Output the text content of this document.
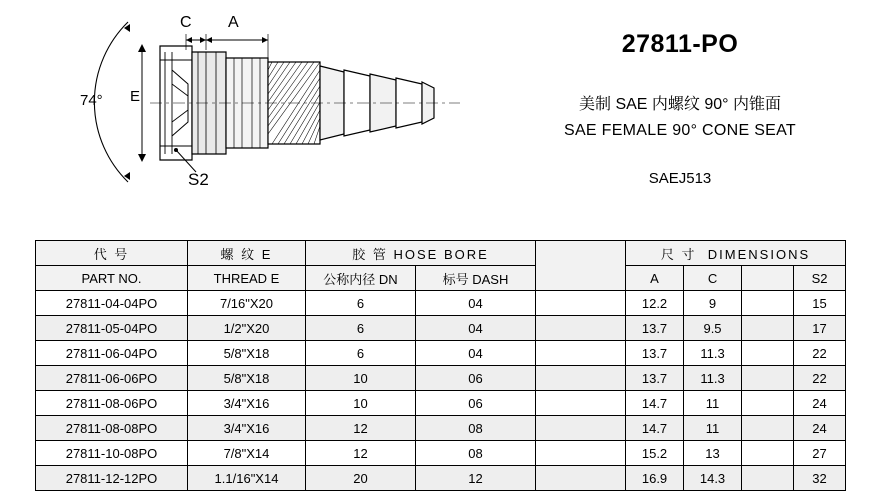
C A
E
74°
S2
27811-PO
美制 SAE 内螺纹 90° 内锥面
SAE FEMALE 90° CONE SEAT
SAEJ513
代 号	螺 纹 E	胶 管 HOSE BORE			尺 寸 DIMENSIONS			
PART NO.	THREAD E	公称内径 DN	标号 DASH		A	C		S2
27811-04-04PO	7/16"X20	6	04		12.2	9		15
27811-05-04PO	1/2"X20	6	04		13.7	9.5		17
27811-06-04PO	5/8"X18	6	04		13.7	11.3		22
27811-06-06PO	5/8"X18	10	06		13.7	11.3		22
27811-08-06PO	3/4"X16	10	06		14.7	11		24
27811-08-08PO	3/4"X16	12	08		14.7	11		24
27811-10-08PO	7/8"X14	12	08		15.2	13		27
27811-12-12PO	1.1/16"X14	20	12		16.9	14.3		32
